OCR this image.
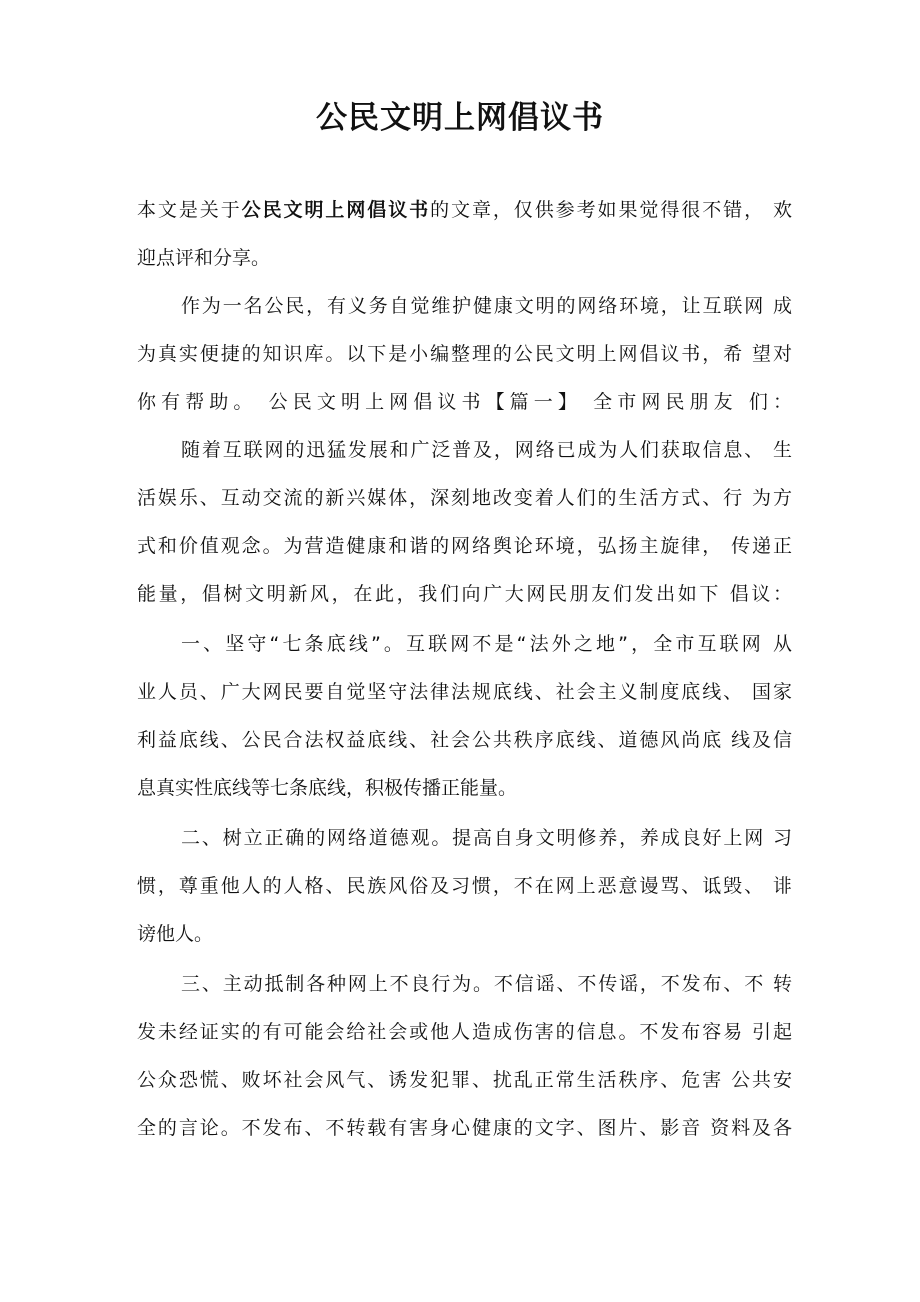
公民文明上网倡议书
本文是关于公民文明上网倡议书的文章，仅供参考如果觉得很不错， 欢
迎点评和分享。
作为一名公民，有义务自觉维护健康文明的网络环境，让互联网 成
为真实便捷的知识库。以下是小编整理的公民文明上网倡议书，希 望对
你有帮助。 公民文明上网倡议书【篇一】 全市网民朋友 们：
随着互联网的迅猛发展和广泛普及，网络已成为人们获取信息、 生
活娱乐、互动交流的新兴媒体，深刻地改变着人们的生活方式、行 为方
式和价值观念。为营造健康和谐的网络舆论环境，弘扬主旋律， 传递正
能量，倡树文明新风，在此，我们向广大网民朋友们发出如下 倡议：
一、坚守“七条底线”。互联网不是“法外之地”，全市互联网 从
业人员、广大网民要自觉坚守法律法规底线、社会主义制度底线、 国家
利益底线、公民合法权益底线、社会公共秩序底线、道德风尚底 线及信
息真实性底线等七条底线，积极传播正能量。
二、树立正确的网络道德观。提高自身文明修养，养成良好上网 习
惯，尊重他人的人格、民族风俗及习惯，不在网上恶意谩骂、诋毁、 诽
谤他人。
三、主动抵制各种网上不良行为。不信谣、不传谣，不发布、不 转
发未经证实的有可能会给社会或他人造成伤害的信息。不发布容易 引起
公众恐慌、败坏社会风气、诱发犯罪、扰乱正常生活秩序、危害 公共安
全的言论。不发布、不转载有害身心健康的文字、图片、影音 资料及各
